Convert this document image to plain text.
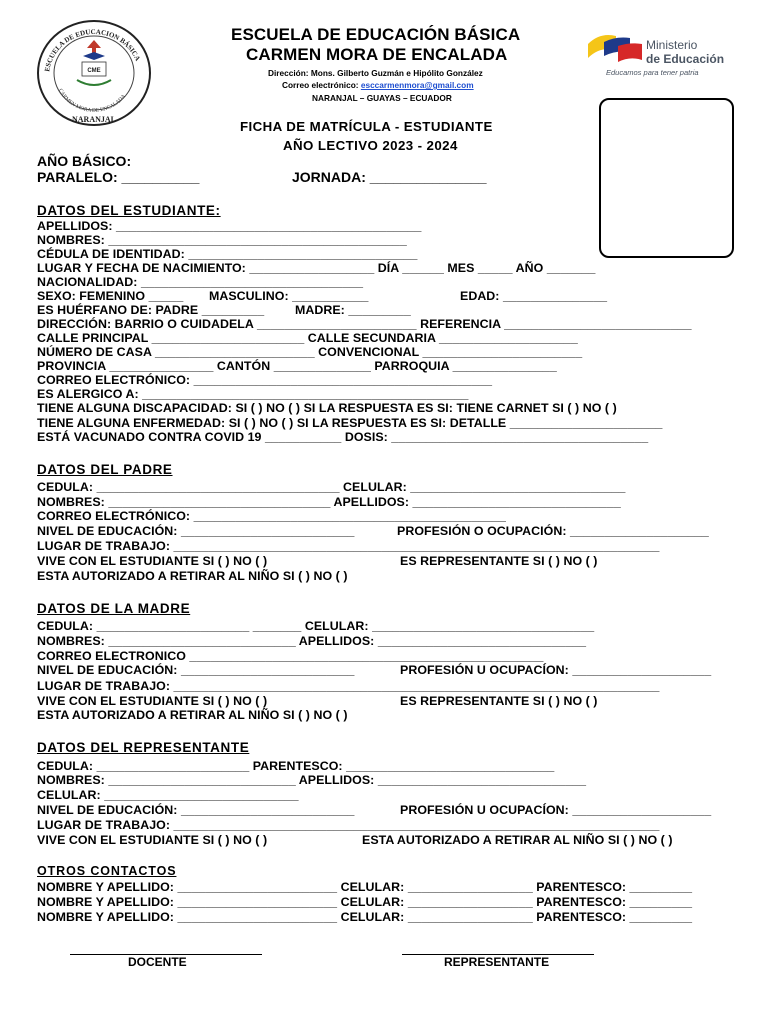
ESCUELA DE EDUCACION BÁSICA
CARMEN MORA DE ENCALADA
CME
NARANJAL
ESCUELA DE EDUCACIÓN BÁSICA
CARMEN MORA DE ENCALADA
Dirección: Mons. Gilberto Guzmán e Hipólito González
Correo electrónico: esccarmenmora@gmail.com
NARANJAL – GUAYAS – ECUADOR
Ministerio
de Educación
Educamos para tener patria
FICHA DE MATRÍCULA - ESTUDIANTE
AÑO LECTIVO 2023 - 2024
AÑO BÁSICO:
PARALELO: __________	JORNADA: _______________
DATOS DEL ESTUDIANTE:
APELLIDOS: ____________________________________________
NOMBRES: ___________________________________________
CÉDULA DE IDENTIDAD: _________________________________
LUGAR Y FECHA DE NACIMIENTO: __________________ DÍA ______ MES _____ AÑO _______
NACIONALIDAD: ________________________________
SEXO: FEMENINO _____ MASCULINO: ___________	EDAD: _______________
ES HUÉRFANO DE: PADRE _________ MADRE: _________
DIRECCIÓN: BARRIO O CUIDADELA _______________________ REFERENCIA ___________________________
CALLE PRINCIPAL ______________________ CALLE SECUNDARIA ____________________
NÚMERO DE CASA _______________________ CONVENCIONAL _______________________
PROVINCIA _______________ CANTÓN ______________ PARROQUIA _______________
CORREO ELECTRÓNICO: ___________________________________________
ES ALERGICO A: _______________________________________________
TIENE ALGUNA DISCAPACIDAD: SI ( ) NO ( ) SI LA RESPUESTA ES SI: TIENE CARNET SI ( ) NO ( )
TIENE ALGUNA ENFERMEDAD: SI ( ) NO ( ) SI LA RESPUESTA ES SI: DETALLE ______________________
ESTÁ VACUNADO CONTRA COVID 19 ___________ DOSIS: _____________________________________
DATOS DEL PADRE
CEDULA: ___________________________________ CELULAR: _______________________________
NOMBRES: ________________________________ APELLIDOS: ______________________________
CORREO ELECTRÓNICO: _____________________________________________
NIVEL DE EDUCACIÓN: _________________________	PROFESIÓN O OCUPACIÓN: ____________________
LUGAR DE TRABAJO: ______________________________________________________________________
VIVE CON EL ESTUDIANTE SI ( ) NO ( )	ES REPRESENTANTE SI ( ) NO ( )
ESTA AUTORIZADO A RETIRAR AL NIÑO SI ( ) NO ( )
DATOS DE LA MADRE
CEDULA: ______________________ _______ CELULAR: ________________________________
NOMBRES: ___________________________ APELLIDOS: ______________________________
CORREO ELECTRONICO ___________________________________________________
NIVEL DE EDUCACIÓN: _________________________	PROFESIÓN U OCUPACÍON: ____________________
LUGAR DE TRABAJO: ______________________________________________________________________
VIVE CON EL ESTUDIANTE SI ( ) NO ( )	ES REPRESENTANTE SI ( ) NO ( )
ESTA AUTORIZADO A RETIRAR AL NIÑO SI ( ) NO ( )
DATOS DEL REPRESENTANTE
CEDULA: ______________________ PARENTESCO: ______________________________
NOMBRES: ___________________________ APELLIDOS: ______________________________
CELULAR: ____________________________
NIVEL DE EDUCACIÓN: _________________________	PROFESIÓN U OCUPACÍON: ____________________
LUGAR DE TRABAJO: ______________________________________________________________________
VIVE CON EL ESTUDIANTE SI ( ) NO ( )	ESTA AUTORIZADO A RETIRAR AL NIÑO SI ( ) NO ( )
OTROS CONTACTOS
NOMBRE Y APELLIDO: _______________________ CELULAR: __________________ PARENTESCO: _________
NOMBRE Y APELLIDO: _______________________ CELULAR: __________________ PARENTESCO: _________
NOMBRE Y APELLIDO: _______________________ CELULAR: __________________ PARENTESCO: _________
DOCENTE	REPRESENTANTE
